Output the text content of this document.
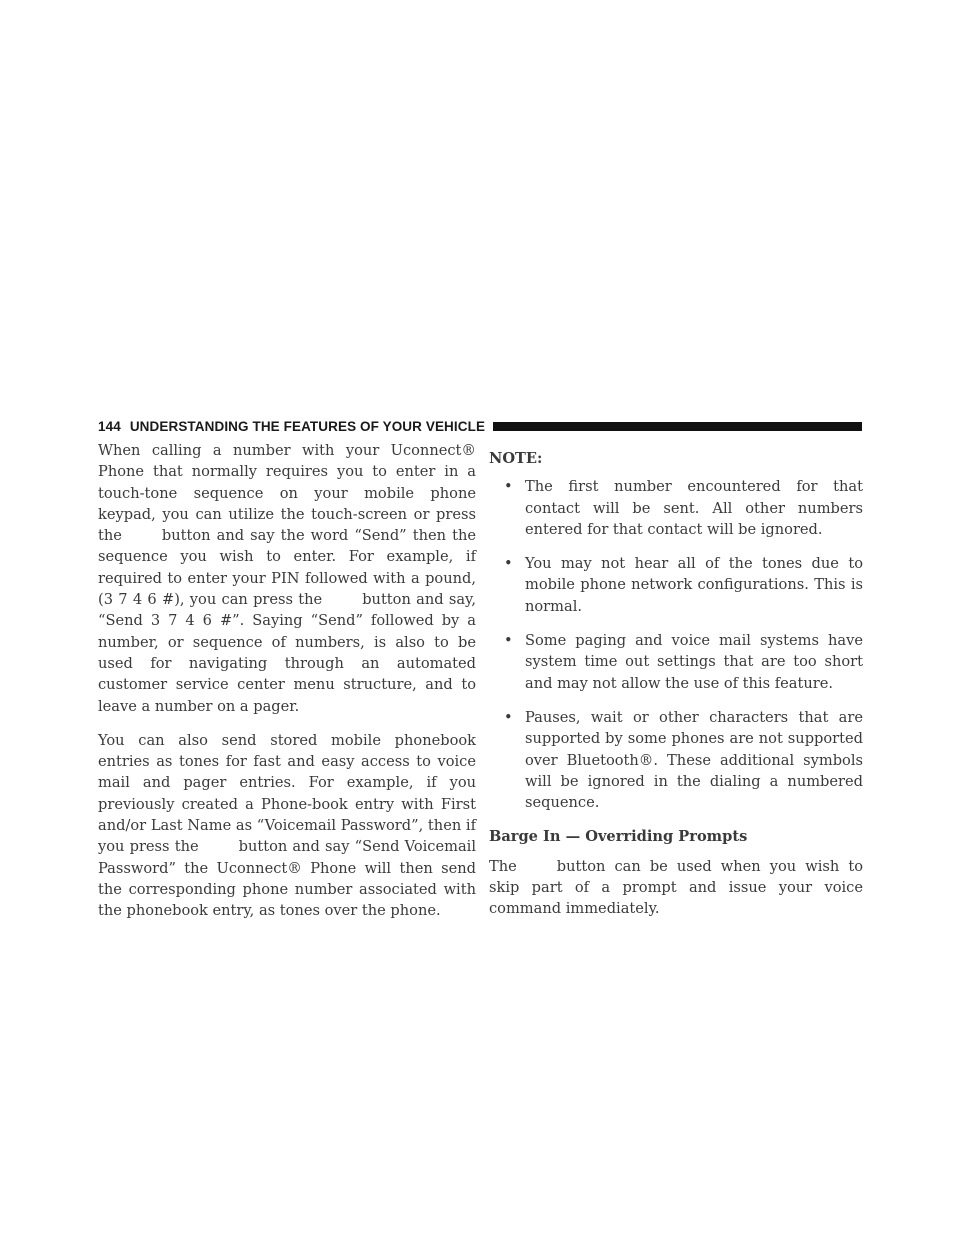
144 UNDERSTANDING THE FEATURES OF YOUR VEHICLE

When calling a number with your Uconnect® Phone that normally requires you to enter in a touch-tone sequence on your mobile phone keypad, you can utilize the touch-screen or press the	button and say the word “Send” then the sequence you wish to enter. For example, if required to enter your PIN followed with a pound, (3 7 4 6 #), you can press the	button and say, “Send 3 7 4 6 #”. Saying “Send” followed by a number, or sequence of numbers, is also to be used for navigating through an automated customer service center menu structure, and to leave a number on a pager.

You can also send stored mobile phonebook entries as tones for fast and easy access to voice mail and pager entries. For example, if you previously created a Phone-book entry with First and/or Last Name as “Voicemail Password”, then if you press the	button and say “Send Voicemail Password” the Uconnect® Phone will then send the corresponding phone number associated with the phonebook entry, as tones over the phone.

NOTE:
• The first number encountered for that contact will be sent. All other numbers entered for that contact will be ignored.
• You may not hear all of the tones due to mobile phone network configurations. This is normal.
• Some paging and voice mail systems have system time out settings that are too short and may not allow the use of this feature.
• Pauses, wait or other characters that are supported by some phones are not supported over Bluetooth®. These additional symbols will be ignored in the dialing a numbered sequence.
Barge In — Overriding Prompts

The	button can be used when you wish to skip part of a prompt and issue your voice command immediately.
